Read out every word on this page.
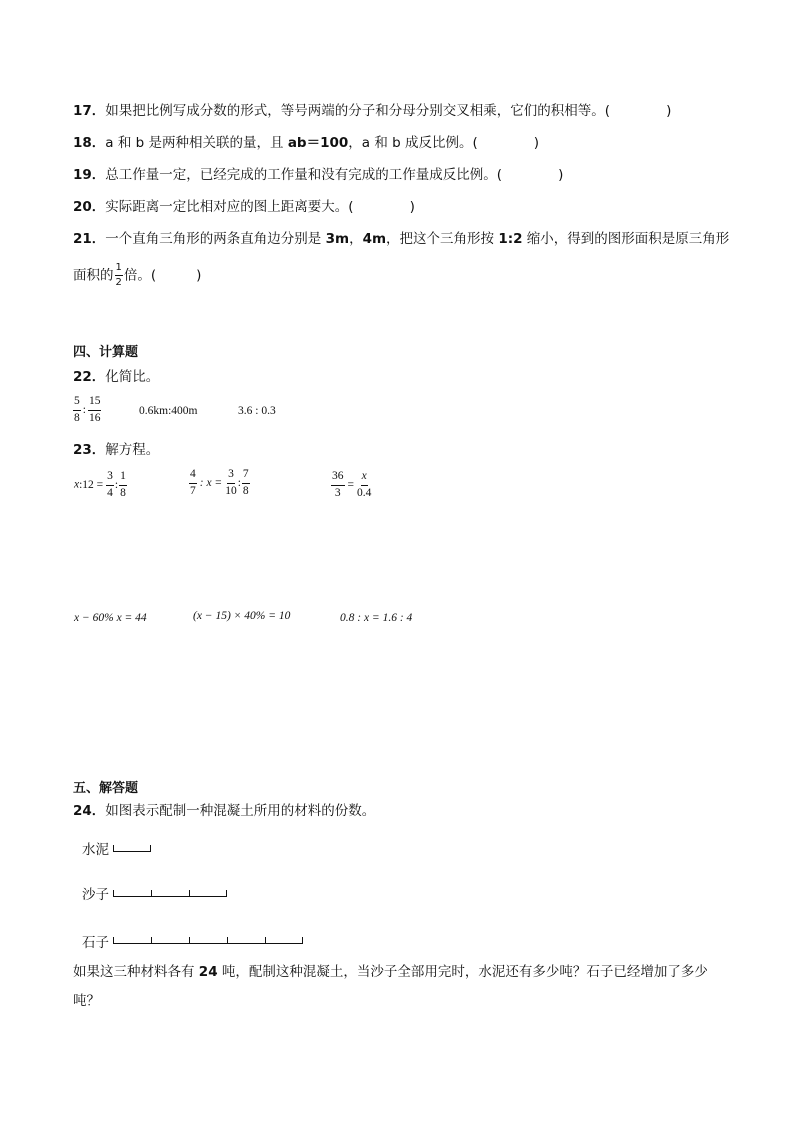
17．如果把比例写成分数的形式，等号两端的分子和分母分别交叉相乘，它们的积相等。(	)
18．a 和 b 是两种相关联的量，且 ab＝100，a 和 b 成反比例。(	)
19．总工作量一定，已经完成的工作量和没有完成的工作量成反比例。(	)
20．实际距离一定比相对应的图上距离要大。(	)
21．一个直角三角形的两条直角边分别是 3m，4m，把这个三角形按 1:2 缩小，得到的图形面积是原三角形
面积的 $\frac{1}{2}$ 倍。(	)
四、计算题
22．化简比。
$\frac{5}{8}$ : $\frac{15}{16}$	0.6km:400m	3.6 : 0.3
23．解方程。
x:12 = $\frac{3}{4}$ : $\frac{1}{8}$	$\frac{4}{7}$ : $x = \frac{3}{10}$ : $\frac{7}{8}$	$\frac{36}{3} = \frac{x}{0.4}$
x − 60% x = 44	(x − 15) × 40% = 10	0.8 : x = 1.6 : 4
五、解答题
24．如图表示配制一种混凝土所用的材料的份数。
水泥
沙子
石子
如果这三种材料各有 24 吨，配制这种混凝土，当沙子全部用完时，水泥还有多少吨？石子已经增加了多少
吨？
